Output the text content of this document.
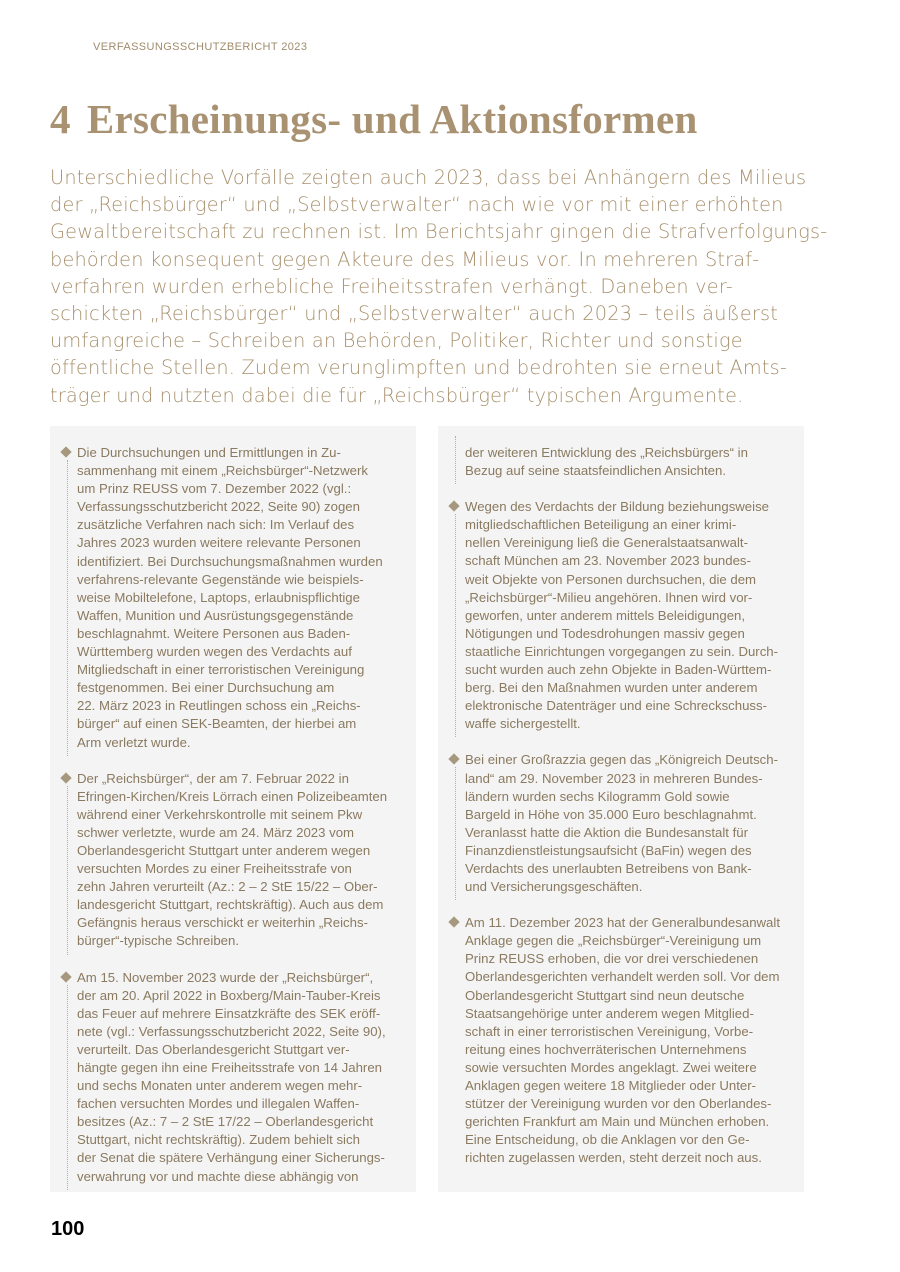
VERFASSUNGSSCHUTZBERICHT 2023
4 Erscheinungs- und Aktionsformen

Unterschiedliche Vorfälle zeigten auch 2023, dass bei Anhängern des Milieus
der „Reichsbürger“ und „Selbstverwalter“ nach wie vor mit einer erhöhten
Gewaltbereitschaft zu rechnen ist. Im Berichtsjahr gingen die Strafverfolgungs-
behörden konsequent gegen Akteure des Milieus vor. In mehreren Straf-
verfahren wurden erhebliche Freiheitsstrafen verhängt. Daneben ver-
schickten „Reichsbürger“ und „Selbstverwalter“ auch 2023 – teils äußerst
umfangreiche – Schreiben an Behörden, Politiker, Richter und sonstige
öffentliche Stellen. Zudem verunglimpften und bedrohten sie erneut Amts-
träger und nutzten dabei die für „Reichsbürger“ typischen Argumente.

Die Durchsuchungen und Ermittlungen in Zu-
sammenhang mit einem „Reichsbürger“-Netzwerk
um Prinz REUSS vom 7. Dezember 2022 (vgl.:
Verfassungsschutzbericht 2022, Seite 90) zogen
zusätzliche Verfahren nach sich: Im Verlauf des
Jahres 2023 wurden weitere relevante Personen
identifiziert. Bei Durchsuchungsmaßnahmen wurden
verfahrens-relevante Gegenstände wie beispiels-
weise Mobiltelefone, Laptops, erlaubnispflichtige
Waffen, Munition und Ausrüstungsgegenstände
beschlagnahmt. Weitere Personen aus Baden-
Württemberg wurden wegen des Verdachts auf
Mitgliedschaft in einer terroristischen Vereinigung
festgenommen. Bei einer Durchsuchung am
22. März 2023 in Reutlingen schoss ein „Reichs-
bürger“ auf einen SEK-Beamten, der hierbei am
Arm verletzt wurde.
Der „Reichsbürger“, der am 7. Februar 2022 in
Efringen-Kirchen/Kreis Lörrach einen Polizeibeamten
während einer Verkehrskontrolle mit seinem Pkw
schwer verletzte, wurde am 24. März 2023 vom
Oberlandesgericht Stuttgart unter anderem wegen
versuchten Mordes zu einer Freiheitsstrafe von
zehn Jahren verurteilt (Az.: 2 – 2 StE 15/22 – Ober-
landesgericht Stuttgart, rechtskräftig). Auch aus dem
Gefängnis heraus verschickt er weiterhin „Reichs-
bürger“-typische Schreiben.
Am 15. November 2023 wurde der „Reichsbürger“,
der am 20. April 2022 in Boxberg/Main-Tauber-Kreis
das Feuer auf mehrere Einsatzkräfte des SEK eröff-
nete (vgl.: Verfassungsschutzbericht 2022, Seite 90),
verurteilt. Das Oberlandesgericht Stuttgart ver-
hängte gegen ihn eine Freiheitsstrafe von 14 Jahren
und sechs Monaten unter anderem wegen mehr-
fachen versuchten Mordes und illegalen Waffen-
besitzes (Az.: 7 – 2 StE 17/22 – Oberlandesgericht
Stuttgart, nicht rechtskräftig). Zudem behielt sich
der Senat die spätere Verhängung einer Sicherungs-
verwahrung vor und machte diese abhängig von
der weiteren Entwicklung des „Reichsbürgers“ in
Bezug auf seine staatsfeindlichen Ansichten.
Wegen des Verdachts der Bildung beziehungsweise
mitgliedschaftlichen Beteiligung an einer krimi-
nellen Vereinigung ließ die Generalstaatsanwalt-
schaft München am 23. November 2023 bundes-
weit Objekte von Personen durchsuchen, die dem
„Reichsbürger“-Milieu angehören. Ihnen wird vor-
geworfen, unter anderem mittels Beleidigungen,
Nötigungen und Todesdrohungen massiv gegen
staatliche Einrichtungen vorgegangen zu sein. Durch-
sucht wurden auch zehn Objekte in Baden-Württem-
berg. Bei den Maßnahmen wurden unter anderem
elektronische Datenträger und eine Schreckschuss-
waffe sichergestellt.
Bei einer Großrazzia gegen das „Königreich Deutsch-
land“ am 29. November 2023 in mehreren Bundes-
ländern wurden sechs Kilogramm Gold sowie
Bargeld in Höhe von 35.000 Euro beschlagnahmt.
Veranlasst hatte die Aktion die Bundesanstalt für
Finanzdienstleistungsaufsicht (BaFin) wegen des
Verdachts des unerlaubten Betreibens von Bank-
und Versicherungsgeschäften.
Am 11. Dezember 2023 hat der Generalbundesanwalt
Anklage gegen die „Reichsbürger“-Vereinigung um
Prinz REUSS erhoben, die vor drei verschiedenen
Oberlandesgerichten verhandelt werden soll. Vor dem
Oberlandesgericht Stuttgart sind neun deutsche
Staatsangehörige unter anderem wegen Mitglied-
schaft in einer terroristischen Vereinigung, Vorbe-
reitung eines hochverräterischen Unternehmens
sowie versuchten Mordes angeklagt. Zwei weitere
Anklagen gegen weitere 18 Mitglieder oder Unter-
stützer der Vereinigung wurden vor den Oberlandes-
gerichten Frankfurt am Main und München erhoben.
Eine Entscheidung, ob die Anklagen vor den Ge-
richten zugelassen werden, steht derzeit noch aus.
100
